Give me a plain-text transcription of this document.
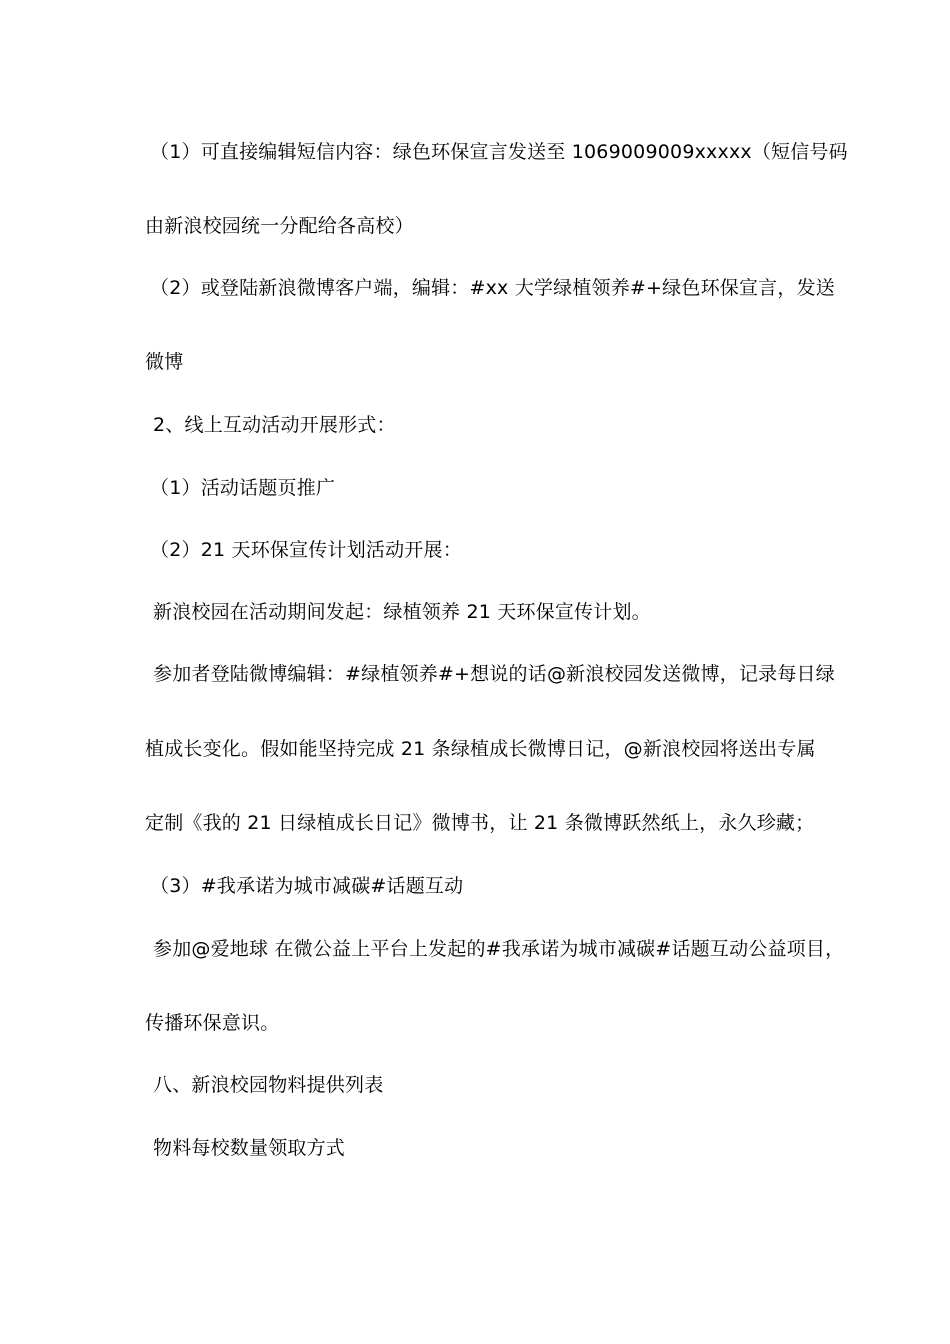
（1）可直接编辑短信内容：绿色环保宣言发送至 1069009009xxxxx（短信号码

由新浪校园统一分配给各高校）

（2）或登陆新浪微博客户端，编辑：#xx 大学绿植领养#+绿色环保宣言，发送

微博

2、线上互动活动开展形式：

（1）活动话题页推广

（2）21 天环保宣传计划活动开展：

新浪校园在活动期间发起：绿植领养 21 天环保宣传计划。

参加者登陆微博编辑：#绿植领养#+想说的话@新浪校园发送微博，记录每日绿

植成长变化。假如能坚持完成 21 条绿植成长微博日记，@新浪校园将送出专属

定制《我的 21 日绿植成长日记》微博书，让 21 条微博跃然纸上，永久珍藏；

（3）#我承诺为城市减碳#话题互动

参加@爱地球 在微公益上平台上发起的#我承诺为城市减碳#话题互动公益项目，

传播环保意识。

八、新浪校园物料提供列表

物料每校数量领取方式
